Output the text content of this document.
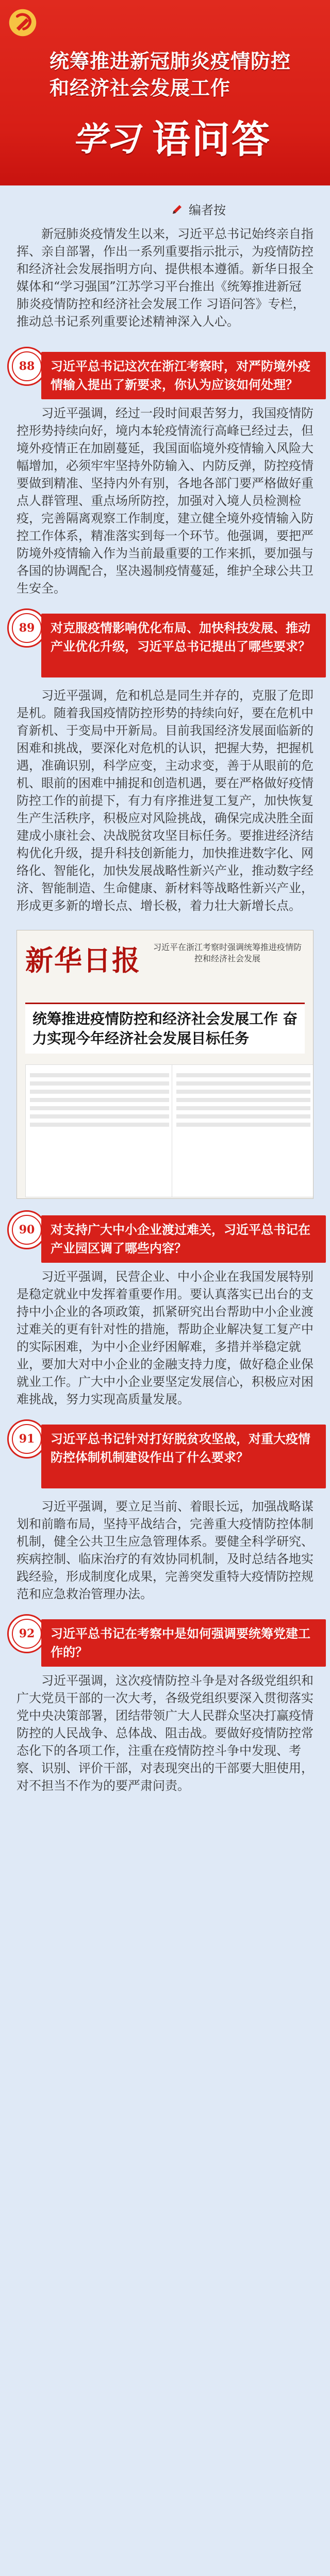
统筹推进新冠肺炎疫情防控
和经济社会发展工作
学习 语问答
编者按
新冠肺炎疫情发生以来，习近平总书记始终亲自指挥、亲自部署，作出一系列重要指示批示，为疫情防控和经济社会发展指明方向、提供根本遵循。新华日报全媒体和“学习强国”江苏学习平台推出《统筹推进新冠肺炎疫情防控和经济社会发展工作 习语问答》专栏，推动总书记系列重要论述精神深入人心。
88	习近平总书记这次在浙江考察时，对严防境外疫情输入提出了新要求，你认为应该如何处理？
习近平强调，经过一段时间艰苦努力，我国疫情防控形势持续向好，境内本轮疫情流行高峰已经过去，但境外疫情正在加剧蔓延，我国面临境外疫情输入风险大幅增加，必须牢牢坚持外防输入、内防反弹，防控疫情要做到精准、坚持内外有别，各地各部门要严格做好重点人群管理、重点场所防控，加强对入境人员检测检疫，完善隔离观察工作制度，建立健全境外疫情输入防控工作体系，精准落实到每一个环节。他强调，要把严防境外疫情输入作为当前最重要的工作来抓，要加强与各国的协调配合，坚决遏制疫情蔓延，维护全球公共卫生安全。
89	对克服疫情影响优化布局、加快科技发展、推动产业优化升级，习近平总书记提出了哪些要求？
习近平强调，危和机总是同生并存的，克服了危即是机。随着我国疫情防控形势的持续向好，要在危机中育新机、于变局中开新局。目前我国经济发展面临新的困难和挑战，要深化对危机的认识，把握大势，把握机遇，准确识别，科学应变，主动求变，善于从眼前的危机、眼前的困难中捕捉和创造机遇，要在严格做好疫情防控工作的前提下，有力有序推进复工复产，加快恢复生产生活秩序，积极应对风险挑战，确保完成决胜全面建成小康社会、决战脱贫攻坚目标任务。要推进经济结构优化升级，提升科技创新能力，加快推进数字化、网络化、智能化，加快发展战略性新兴产业，推动数字经济、智能制造、生命健康、新材料等战略性新兴产业，形成更多新的增长点、增长极，着力壮大新增长点。
新华日报	习近平在浙江考察时强调统筹推进疫情防控和经济社会发展
统筹推进疫情防控和经济社会发展工作 奋力实现今年经济社会发展目标任务
90	对支持广大中小企业渡过难关，习近平总书记在产业园区调了哪些内容？
习近平强调，民营企业、中小企业在我国发展特别是稳定就业中发挥着重要作用。要认真落实已出台的支持中小企业的各项政策，抓紧研究出台帮助中小企业渡过难关的更有针对性的措施，帮助企业解决复工复产中的实际困难，为中小企业纾困解难，多措并举稳定就业，要加大对中小企业的金融支持力度，做好稳企业保就业工作。广大中小企业要坚定发展信心，积极应对困难挑战，努力实现高质量发展。
91	习近平总书记针对打好脱贫攻坚战，对重大疫情防控体制机制建设作出了什么要求？
习近平强调，要立足当前、着眼长远，加强战略谋划和前瞻布局，坚持平战结合，完善重大疫情防控体制机制，健全公共卫生应急管理体系。要健全科学研究、疾病控制、临床治疗的有效协同机制，及时总结各地实践经验，形成制度化成果，完善突发重特大疫情防控规范和应急救治管理办法。
92	习近平总书记在考察中是如何强调要统筹党建工作的？
习近平强调，这次疫情防控斗争是对各级党组织和广大党员干部的一次大考，各级党组织要深入贯彻落实党中央决策部署，团结带领广大人民群众坚决打赢疫情防控的人民战争、总体战、阻击战。要做好疫情防控常态化下的各项工作，注重在疫情防控斗争中发现、考察、识别、评价干部，对表现突出的干部要大胆使用，对不担当不作为的要严肃问责。
